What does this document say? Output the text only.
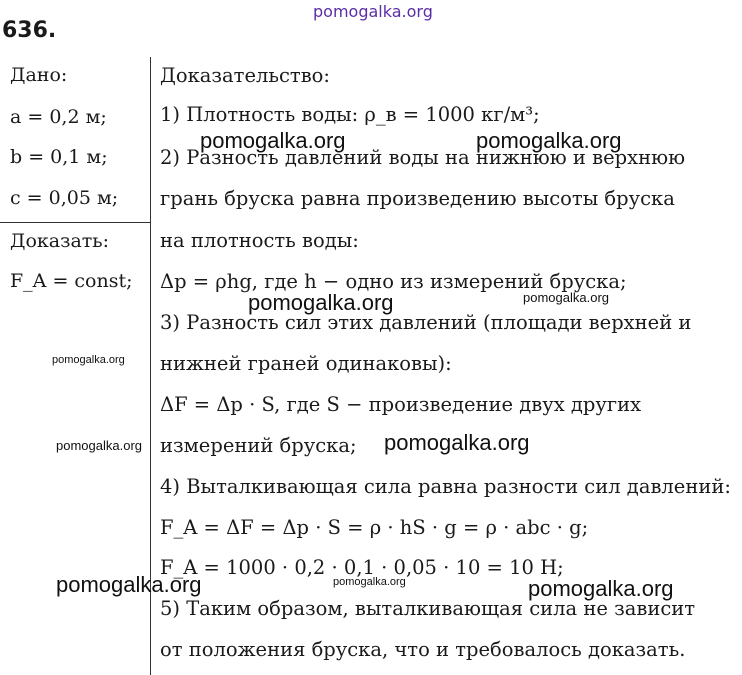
636.
pomogalka.org
Дано:
a = 0,2 м;
b = 0,1 м;
c = 0,05 м;
Доказать:
F_A = const;
Доказательство:
1) Плотность воды: ρ_в = 1000 кг/м³;
2) Разность давлений воды на нижнюю и верхнюю
грань бруска равна произведению высоты бруска
на плотность воды:
Δp = ρhg, где h − одно из измерений бруска;
3) Разность сил этих давлений (площади верхней и
нижней граней одинаковы):
ΔF = Δp · S, где S − произведение двух других
измерений бруска;
4) Выталкивающая сила равна разности сил давлений:
F_A = ΔF = Δp · S = ρ · hS · g = ρ · abc · g;
F_A = 1000 · 0,2 · 0,1 · 0,05 · 10 = 10 Н;
5) Таким образом, выталкивающая сила не зависит
от положения бруска, что и требовалось доказать.
pomogalka.org	pomogalka.org
pomogalka.org	pomogalka.org
pomogalka.org
pomogalka.org	pomogalka.org
pomogalka.org	pomogalka.org	pomogalka.org
